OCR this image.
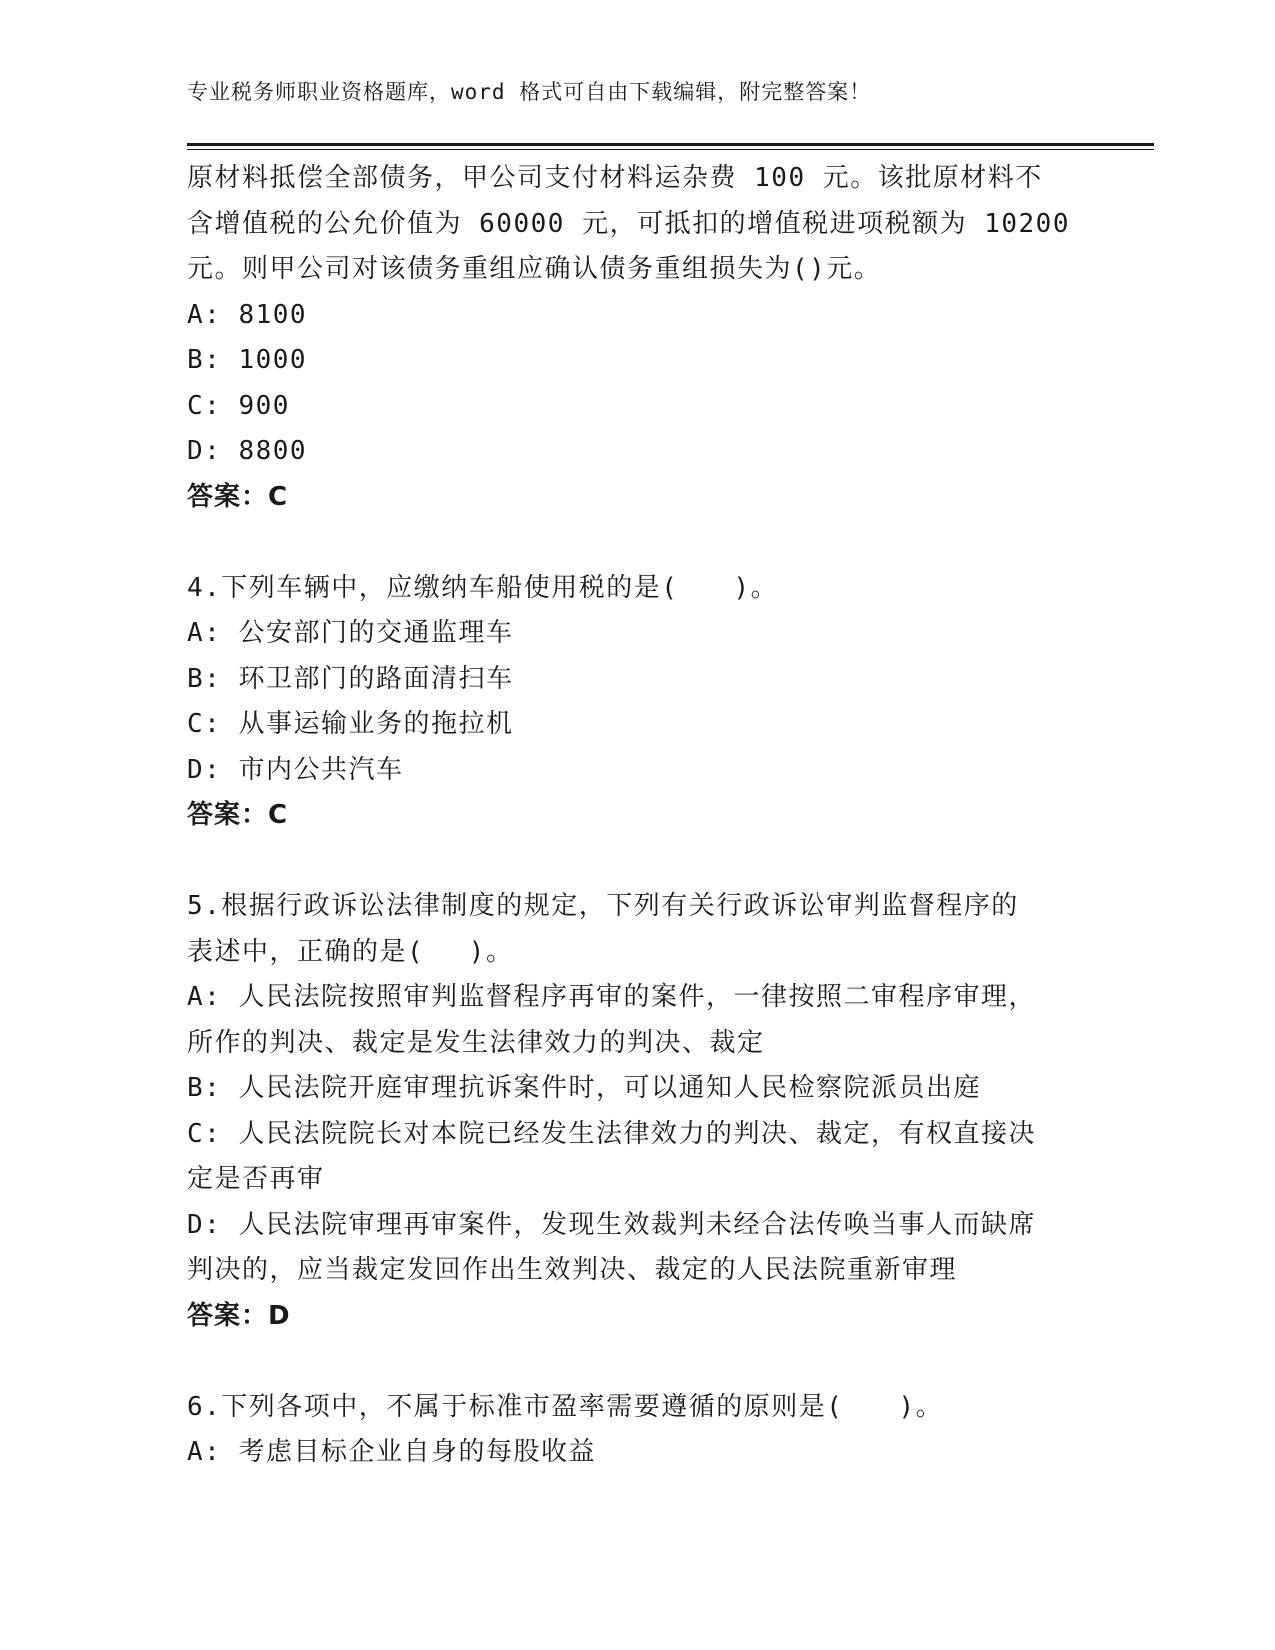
专业税务师职业资格题库，word 格式可自由下载编辑，附完整答案！
原材料抵偿全部债务，甲公司支付材料运杂费 100 元。该批原材料不
含增值税的公允价值为 60000 元，可抵扣的增值税进项税额为 10200
元。则甲公司对该债务重组应确认债务重组损失为()元。
A: 8100
B: 1000
C: 900
D: 8800
答案：C
4.下列车辆中，应缴纳车船使用税的是(　　)。
A: 公安部门的交通监理车
B: 环卫部门的路面清扫车
C: 从事运输业务的拖拉机
D: 市内公共汽车
答案：C
5.根据行政诉讼法律制度的规定，下列有关行政诉讼审判监督程序的
表述中，正确的是(　 )。
A: 人民法院按照审判监督程序再审的案件，一律按照二审程序审理，
所作的判决、裁定是发生法律效力的判决、裁定
B: 人民法院开庭审理抗诉案件时，可以通知人民检察院派员出庭
C: 人民法院院长对本院已经发生法律效力的判决、裁定，有权直接决
定是否再审
D: 人民法院审理再审案件，发现生效裁判未经合法传唤当事人而缺席
判决的，应当裁定发回作出生效判决、裁定的人民法院重新审理
答案：D
6.下列各项中，不属于标准市盈率需要遵循的原则是(　　)。
A: 考虑目标企业自身的每股收益
